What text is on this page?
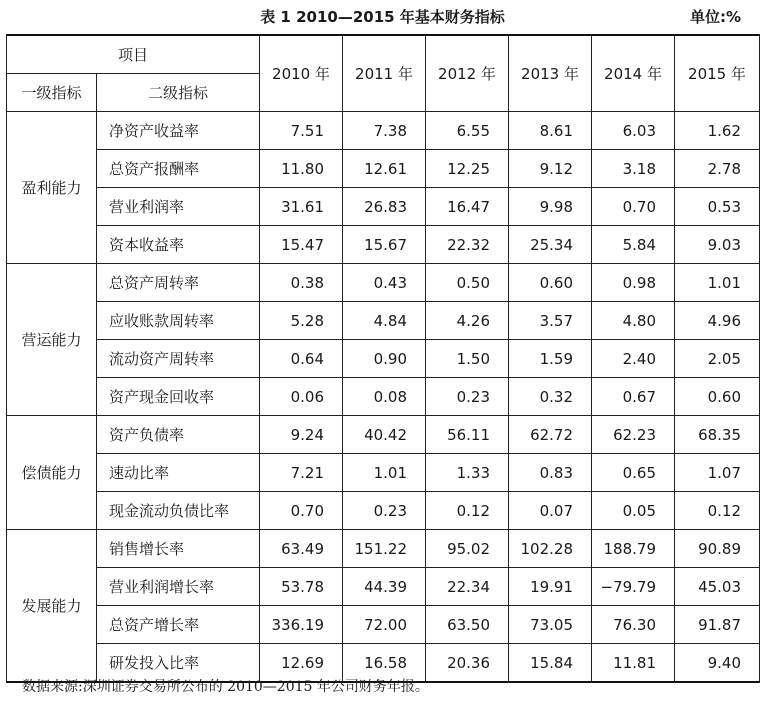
表 1 2010—2015 年基本财务指标	单位:%
项目		2010 年	2011 年	2012 年	2013 年	2014 年	2015 年
一级指标	二级指标						
盈利能力	净资产收益率	7.51	7.38	6.55	8.61	6.03	1.62
	总资产报酬率	11.80	12.61	12.25	9.12	3.18	2.78
	营业利润率	31.61	26.83	16.47	9.98	0.70	0.53
	资本收益率	15.47	15.67	22.32	25.34	5.84	9.03
营运能力	总资产周转率	0.38	0.43	0.50	0.60	0.98	1.01
	应收账款周转率	5.28	4.84	4.26	3.57	4.80	4.96
	流动资产周转率	0.64	0.90	1.50	1.59	2.40	2.05
	资产现金回收率	0.06	0.08	0.23	0.32	0.67	0.60
偿债能力	资产负债率	9.24	40.42	56.11	62.72	62.23	68.35
	速动比率	7.21	1.01	1.33	0.83	0.65	1.07
	现金流动负债比率	0.70	0.23	0.12	0.07	0.05	0.12
发展能力	销售增长率	63.49	151.22	95.02	102.28	188.79	90.89
	营业利润增长率	53.78	44.39	22.34	19.91	−79.79	45.03
	总资产增长率	336.19	72.00	63.50	73.05	76.30	91.87
	研发投入比率	12.69	16.58	20.36	15.84	11.81	9.40
数据来源:深圳证券交易所公布的 2010—2015 年公司财务年报。
